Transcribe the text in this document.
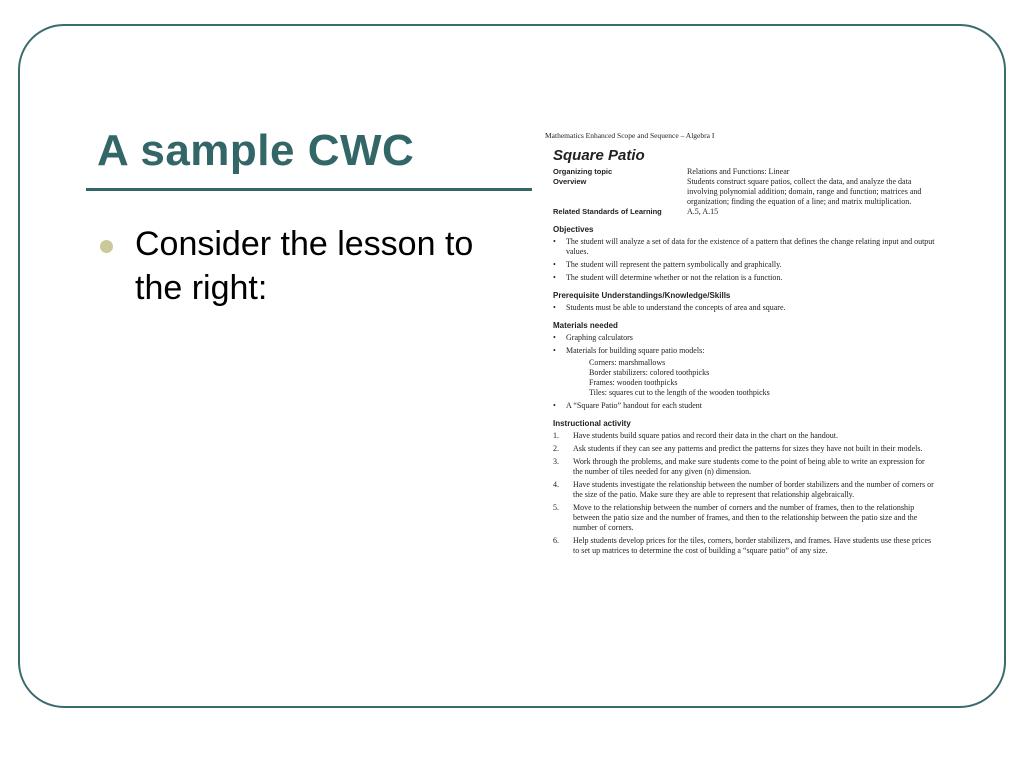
A sample CWC
Consider the lesson to the right:
Mathematics Enhanced Scope and Sequence – Algebra I
Square Patio
Organizing topic	Relations and Functions: Linear
Overview	Students construct square patios, collect the data, and analyze the data involving polynomial addition; domain, range and function; matrices and organization; finding the equation of a line; and matrix multiplication.
Related Standards of Learning	A.5, A.15
Objectives
• The student will analyze a set of data for the existence of a pattern that defines the change relating input and output values.
• The student will represent the pattern symbolically and graphically.
• The student will determine whether or not the relation is a function.
Prerequisite Understandings/Knowledge/Skills
• Students must be able to understand the concepts of area and square.
Materials needed
• Graphing calculators
• Materials for building square patio models:
Corners: marshmallows
Border stabilizers: colored toothpicks
Frames: wooden toothpicks
Tiles: squares cut to the length of the wooden toothpicks
• A “Square Patio” handout for each student
Instructional activity
1. Have students build square patios and record their data in the chart on the handout.
2. Ask students if they can see any patterns and predict the patterns for sizes they have not built in their models.
3. Work through the problems, and make sure students come to the point of being able to write an expression for the number of tiles needed for any given (n) dimension.
4. Have students investigate the relationship between the number of border stabilizers and the number of corners or the size of the patio. Make sure they are able to represent that relationship algebraically.
5. Move to the relationship between the number of corners and the number of frames, then to the relationship between the patio size and the number of frames, and then to the relationship between the patio size and the number of corners.
6. Help students develop prices for the tiles, corners, border stabilizers, and frames. Have students use these prices to set up matrices to determine the cost of building a “square patio” of any size.
